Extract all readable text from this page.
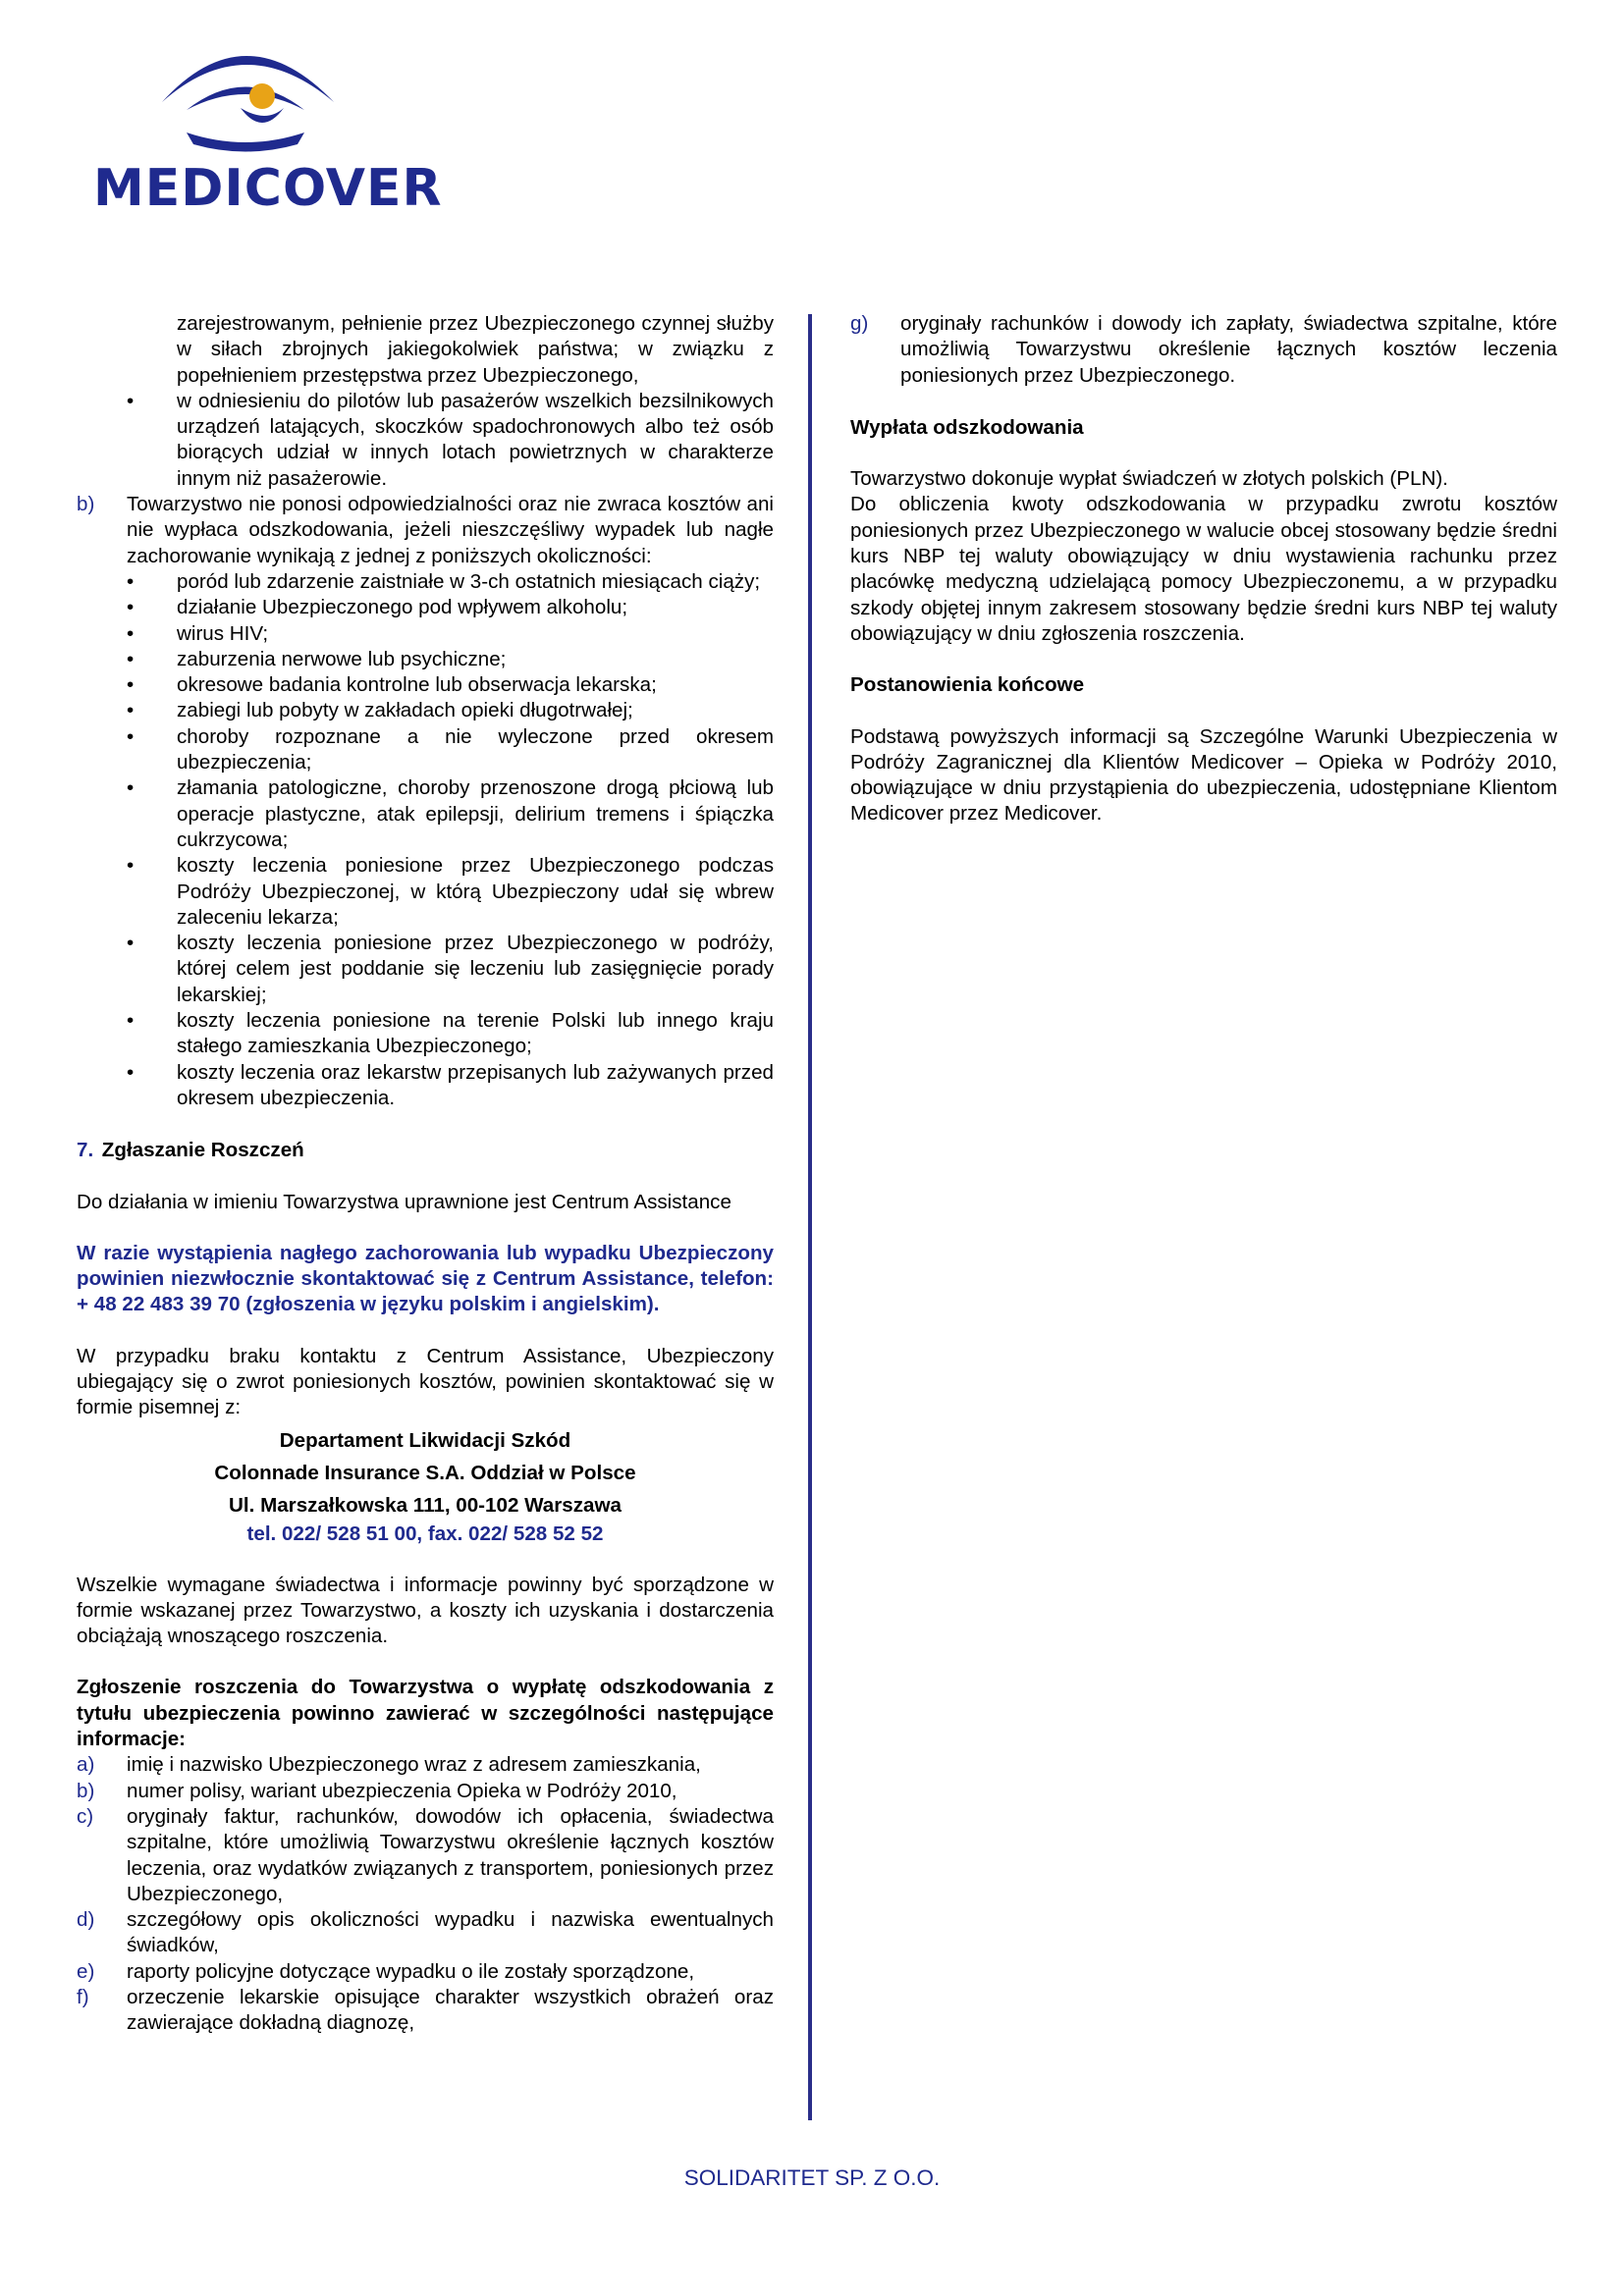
MEDICOVER

zarejestrowanym, pełnienie przez Ubezpieczonego czynnej służby w siłach zbrojnych jakiegokolwiek państwa; w związku z popełnieniem przestępstwa przez Ubezpieczonego,

• w odniesieniu do pilotów lub pasażerów wszelkich bezsilnikowych urządzeń latających, skoczków spadochronowych albo też osób biorących udział w innych lotach powietrznych w charakterze innym niż pasażerowie.
b) Towarzystwo nie ponosi odpowiedzialności oraz nie zwraca kosztów ani nie wypłaca odszkodowania, jeżeli nieszczęśliwy wypadek lub nagłe zachorowanie wynikają z jednej z poniższych okoliczności:
• poród lub zdarzenie zaistniałe w 3-ch ostatnich miesiącach ciąży;
• działanie Ubezpieczonego pod wpływem alkoholu;
• wirus HIV;
• zaburzenia nerwowe lub psychiczne;
• okresowe badania kontrolne lub obserwacja lekarska;
• zabiegi lub pobyty w zakładach opieki długotrwałej;
• choroby rozpoznane a nie wyleczone przed okresem ubezpieczenia;
• złamania patologiczne, choroby przenoszone drogą płciową lub operacje plastyczne, atak epilepsji, delirium tremens i śpiączka cukrzycowa;
• koszty leczenia poniesione przez Ubezpieczonego podczas Podróży Ubezpieczonej, w którą Ubezpieczony udał się wbrew zaleceniu lekarza;
• koszty leczenia poniesione przez Ubezpieczonego w podróży, której celem jest poddanie się leczeniu lub zasięgnięcie porady lekarskiej;
• koszty leczenia poniesione na terenie Polski lub innego kraju stałego zamieszkania Ubezpieczonego;
• koszty leczenia oraz lekarstw przepisanych lub zażywanych przed okresem ubezpieczenia.

7. Zgłaszanie Roszczeń

Do działania w imieniu Towarzystwa uprawnione jest Centrum Assistance

W razie wystąpienia nagłego zachorowania lub wypadku Ubezpieczony powinien niezwłocznie skontaktować się z Centrum Assistance, telefon: + 48 22 483 39 70 (zgłoszenia w języku polskim i angielskim).

W przypadku braku kontaktu z Centrum Assistance, Ubezpieczony ubiegający się o zwrot poniesionych kosztów, powinien skontaktować się w formie pisemnej z:

Departament Likwidacji Szkód

Colonnade Insurance S.A. Oddział w Polsce

Ul. Marszałkowska 111, 00-102 Warszawa

tel. 022/ 528 51 00, fax. 022/ 528 52 52

Wszelkie wymagane świadectwa i informacje powinny być sporządzone w formie wskazanej przez Towarzystwo, a koszty ich uzyskania i dostarczenia obciążają wnoszącego roszczenia.

Zgłoszenie roszczenia do Towarzystwa o wypłatę odszkodowania z tytułu ubezpieczenia powinno zawierać w szczególności następujące informacje:

a) imię i nazwisko Ubezpieczonego wraz z adresem zamieszkania,
b) numer polisy, wariant ubezpieczenia Opieka w Podróży 2010,
c) oryginały faktur, rachunków, dowodów ich opłacenia, świadectwa szpitalne, które umożliwią Towarzystwu określenie łącznych kosztów leczenia, oraz wydatków związanych z transportem, poniesionych przez Ubezpieczonego,
d) szczegółowy opis okoliczności wypadku i nazwiska ewentualnych świadków,
e) raporty policyjne dotyczące wypadku o ile zostały sporządzone,
f) orzeczenie lekarskie opisujące charakter wszystkich obrażeń oraz zawierające dokładną diagnozę,
g) oryginały rachunków i dowody ich zapłaty, świadectwa szpitalne, które umożliwią Towarzystwu określenie łącznych kosztów leczenia poniesionych przez Ubezpieczonego.

Wypłata odszkodowania

Towarzystwo dokonuje wypłat świadczeń w złotych polskich (PLN).

Do obliczenia kwoty odszkodowania w przypadku zwrotu kosztów poniesionych przez Ubezpieczonego w walucie obcej stosowany będzie średni kurs NBP tej waluty obowiązujący w dniu wystawienia rachunku przez placówkę medyczną udzielającą pomocy Ubezpieczonemu, a w przypadku szkody objętej innym zakresem stosowany będzie średni kurs NBP tej waluty obowiązujący w dniu zgłoszenia roszczenia.

Postanowienia końcowe

Podstawą powyższych informacji są Szczególne Warunki Ubezpieczenia w Podróży Zagranicznej dla Klientów Medicover – Opieka w Podróży 2010, obowiązujące w dniu przystąpienia do ubezpieczenia, udostępniane Klientom Medicover przez Medicover.

SOLIDARITET SP. Z O.O.
